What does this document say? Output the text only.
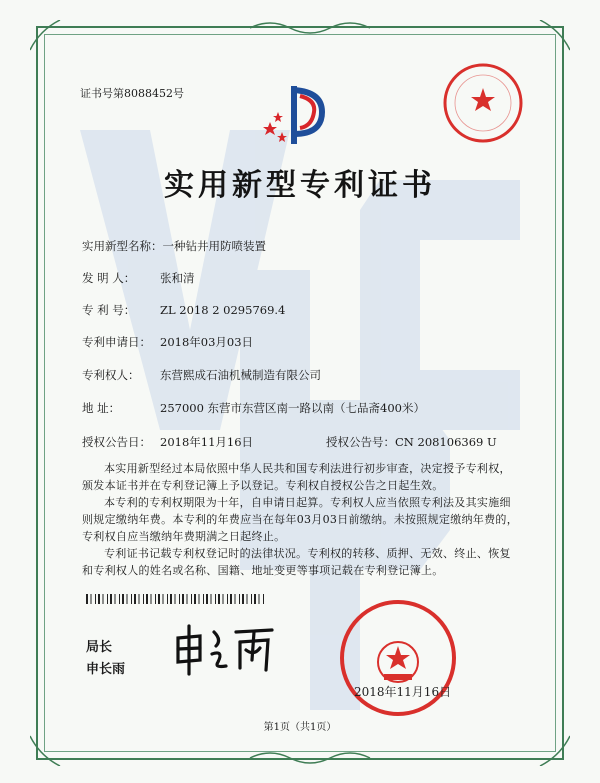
证书号第8088452号
实用新型专利证书
实用新型名称：一种钻井用防喷装置
发 明 人： 张和清
专 利 号： ZL 2018 2 0295769.4
专利申请日： 2018年03月03日
专利权人： 东营熙成石油机械制造有限公司
地 址：	257000 东营市东营区南一路以南（七品斋400米）
授权公告日： 2018年11月16日	授权公告号：CN 208106369 U
本实用新型经过本局依照中华人民共和国专利法进行初步审查，决定授予专利权，颁发本证书并在专利登记簿上予以登记。专利权自授权公告之日起生效。
本专利的专利权期限为十年，自申请日起算。专利权人应当依照专利法及其实施细则规定缴纳年费。本专利的年费应当在每年03月03日前缴纳。未按照规定缴纳年费的，专利权自应当缴纳年费期满之日起终止。
专利证书记载专利权登记时的法律状况。专利权的转移、质押、无效、终止、恢复和专利权人的姓名或名称、国籍、地址变更等事项记载在专利登记簿上。
局长
申长雨
2018年11月16日
第1页（共1页）
